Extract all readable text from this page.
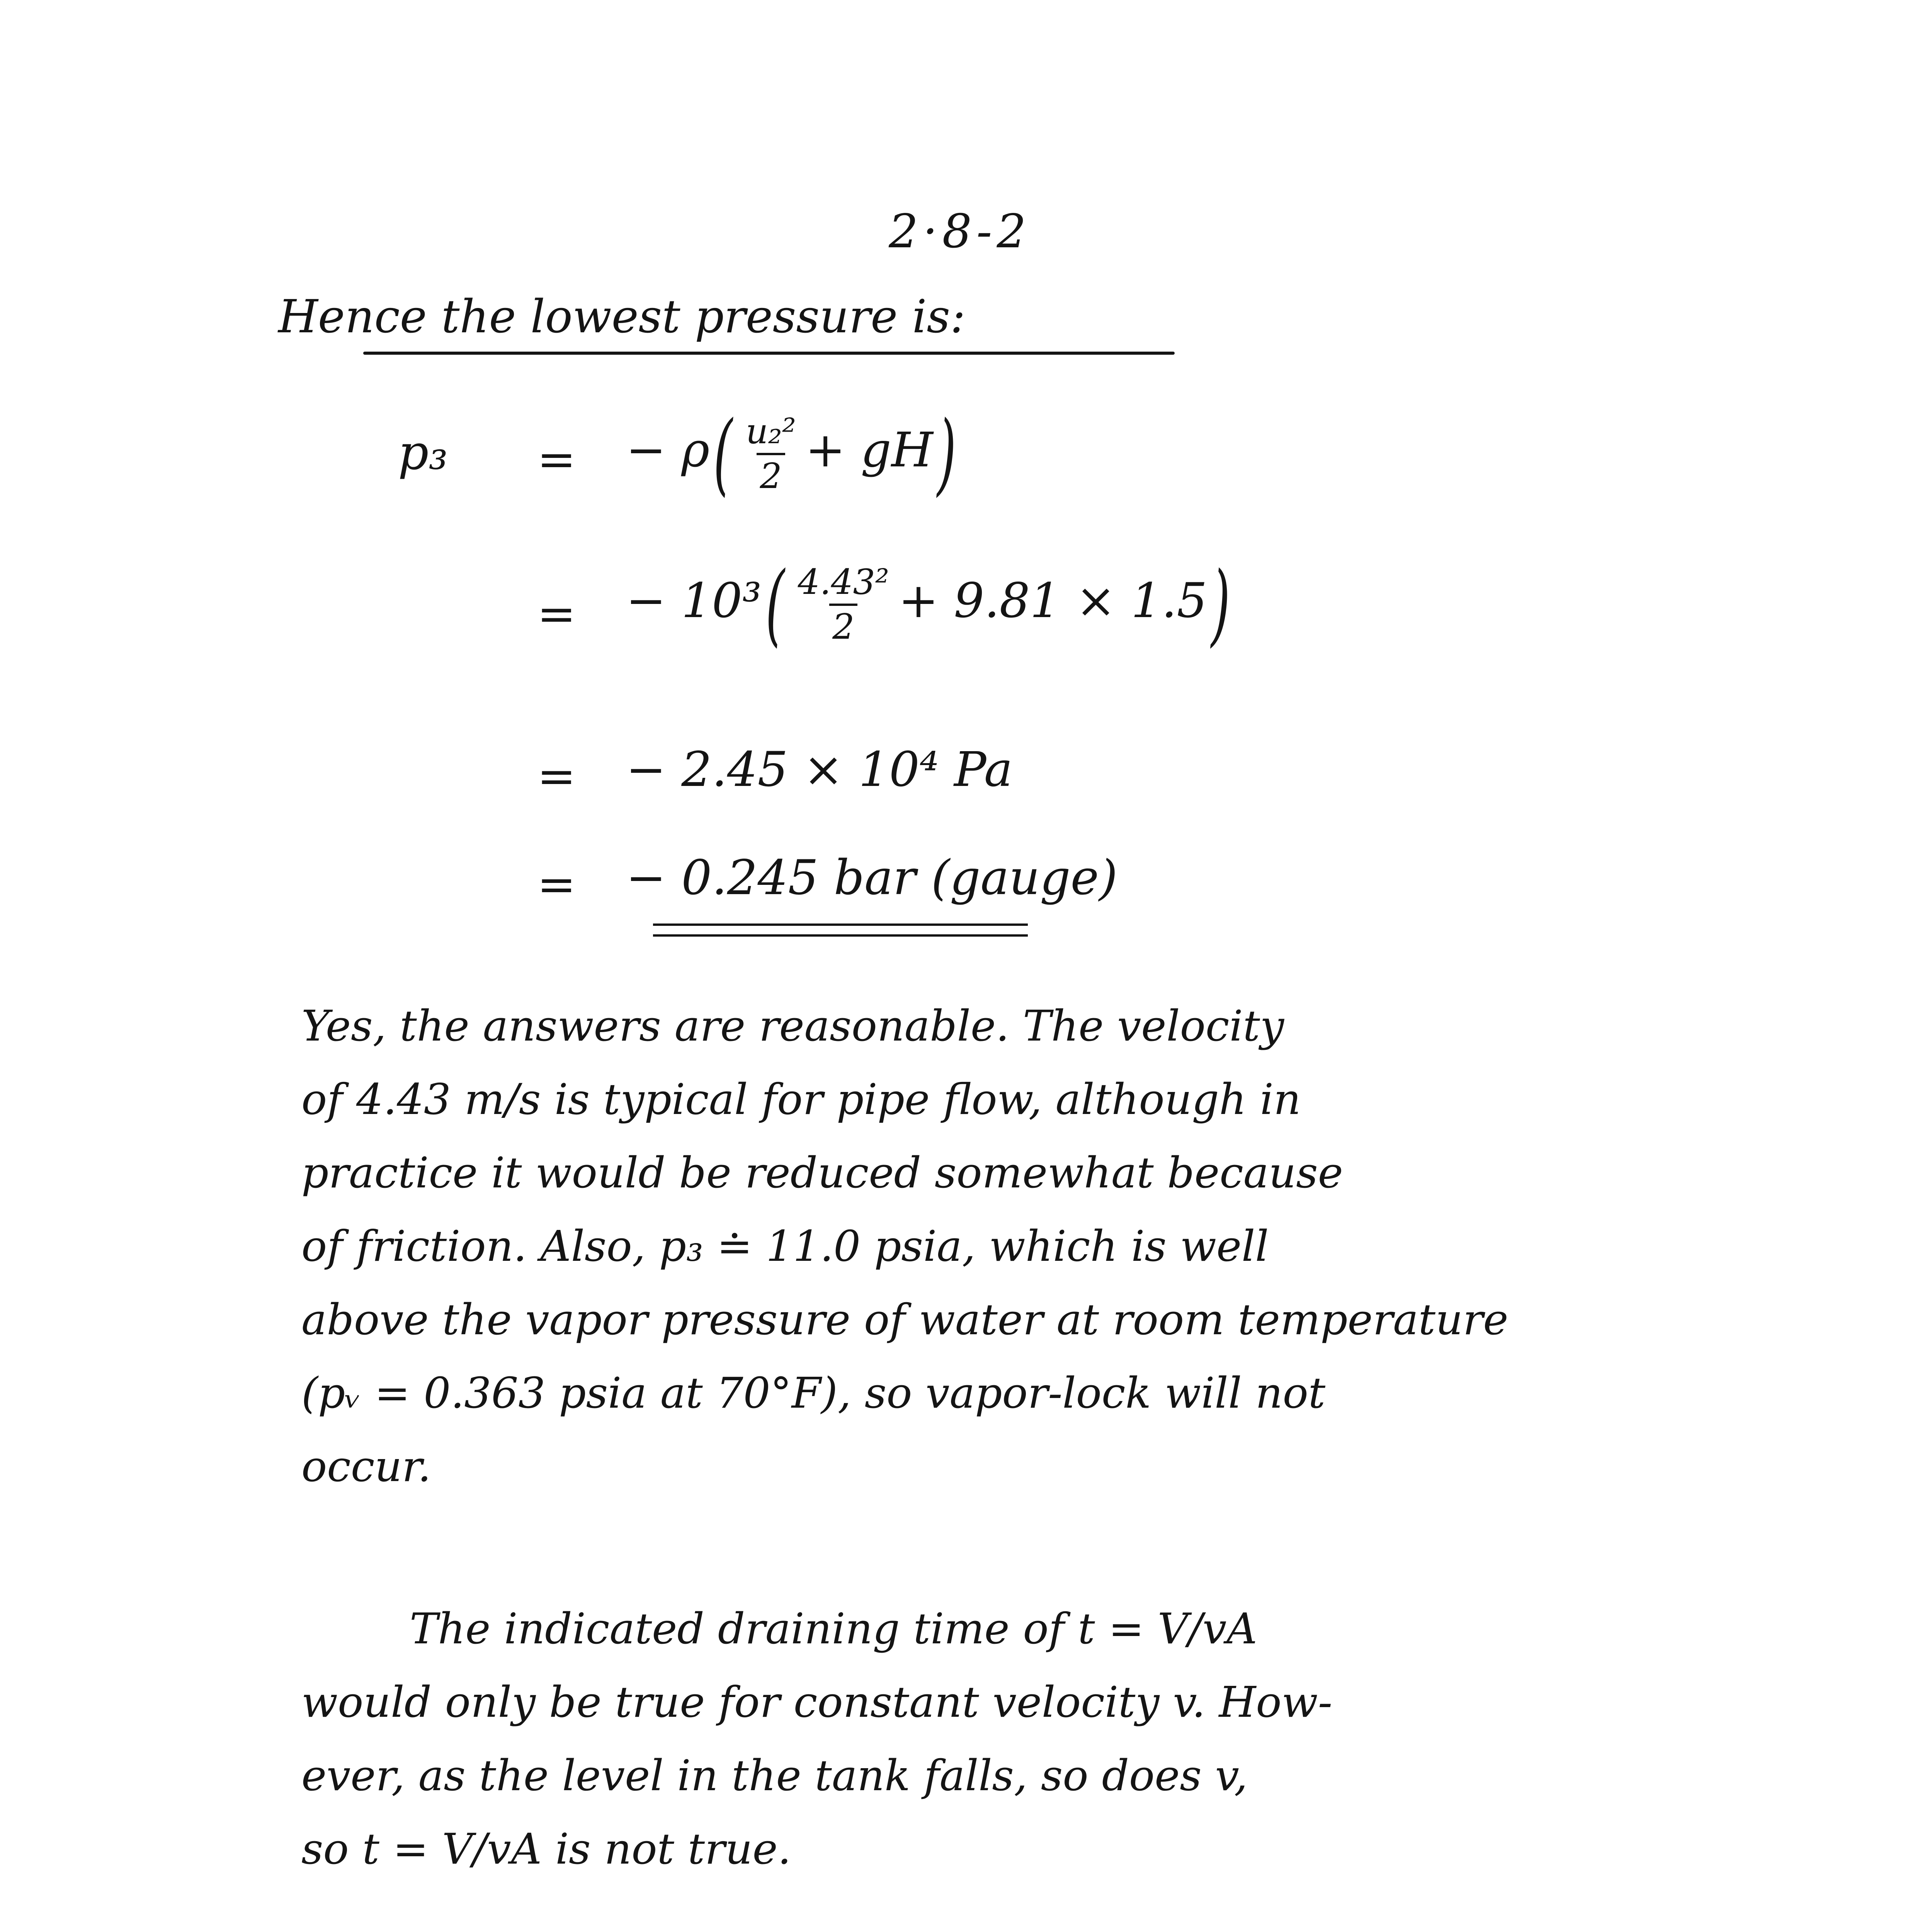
2·8-2
Hence the lowest pressure is:
p₃ = − $\rho( \frac{\text{u₂²}}{2} + gH)$
= − $10^3( \frac{\text{4.43²}}{2} + 9.81 \times 1.5)$
= − 2.45 × 10⁴ Pa
= − 0.245 bar (gauge)
Yes, the answers are reasonable. The velocity
of 4.43 m/s is typical for pipe flow, although in
practice it would be reduced somewhat because
of friction. Also, p₃ ≐ 11.0 psia, which is well
above the vapor pressure of water at room temperature
(pᵥ = 0.363 psia at 70°F), so vapor-lock will not
occur.
The indicated draining time of t = V/vA
would only be true for constant velocity v. How-
ever, as the level in the tank falls, so does v,
so t = V/vA is not true.
